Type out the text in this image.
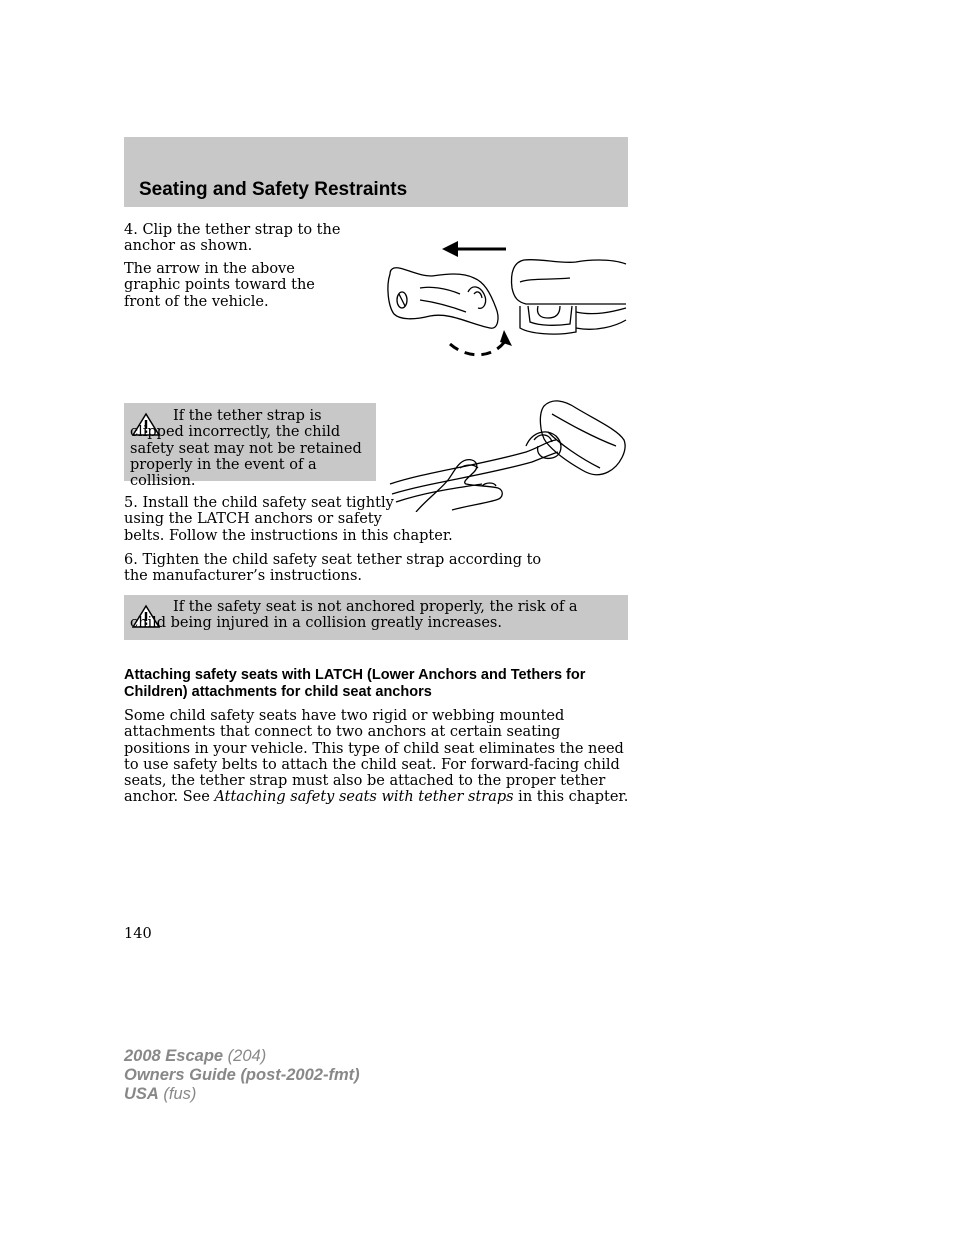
Seating and Safety Restraints

4. Clip the tether strap to the anchor as shown.

The arrow in the above graphic points toward the front of the vehicle.

If the tether strap is clipped incorrectly, the child safety seat may not be retained properly in the event of a collision.

5. Install the child safety seat tightly

using the LATCH anchors or safety

belts. Follow the instructions in this chapter.

6. Tighten the child safety seat tether strap according to the manufacturer’s instructions.

If the safety seat is not anchored properly, the risk of a child being injured in a collision greatly increases.

Attaching safety seats with LATCH (Lower Anchors and Tethers for Children) attachments for child seat anchors

Some child safety seats have two rigid or webbing mounted attachments that connect to two anchors at certain seating positions in your vehicle. This type of child seat eliminates the need to use safety belts to attach the child seat. For forward-facing child seats, the tether strap must also be attached to the proper tether anchor. See Attaching safety seats with tether straps in this chapter.

140
2008 Escape (204)
Owners Guide (post-2002-fmt)
USA (fus)
